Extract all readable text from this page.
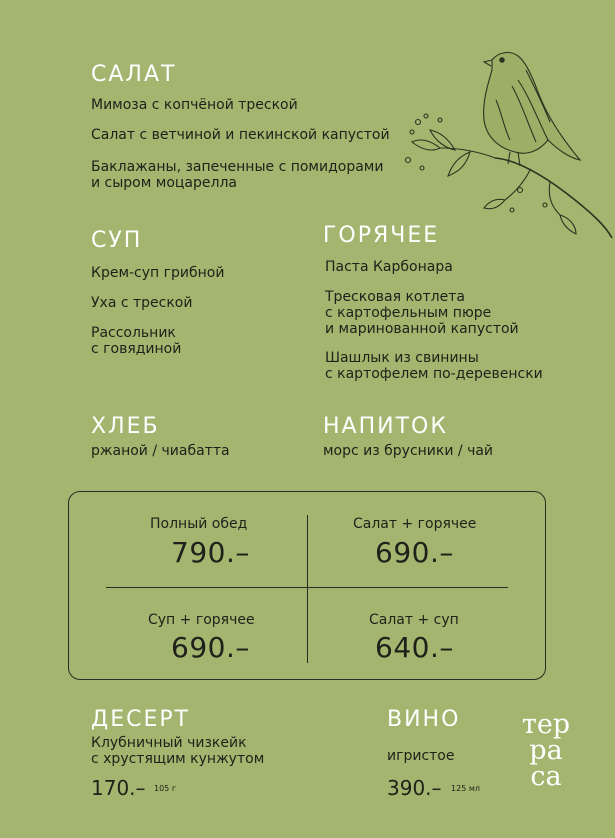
САЛАТ
Мимоза с копчёной треской
Салат с ветчиной и пекинской капустой
Баклажаны, запеченные с помидорами
и сыром моцарелла
СУП
Крем-суп грибной
Уха с треской
Рассольник
с говядиной
ГОРЯЧЕЕ
Паста Карбонара
Тресковая котлета
с картофельным пюре
и маринованной капустой
Шашлык из свинины
с картофелем по-деревенски
ХЛЕБ
ржаной / чиабатта
НАПИТОК
морс из брусники / чай
Полный обед
790.–
Салат + горячее
690.–
Суп + горячее
690.–
Салат + суп
640.–
ДЕСЕРТ
Клубничный чизкейк
с хрустящим кунжутом
170.– 105 г
ВИНО
игристое
390.– 125 мл
тер
ра
са
